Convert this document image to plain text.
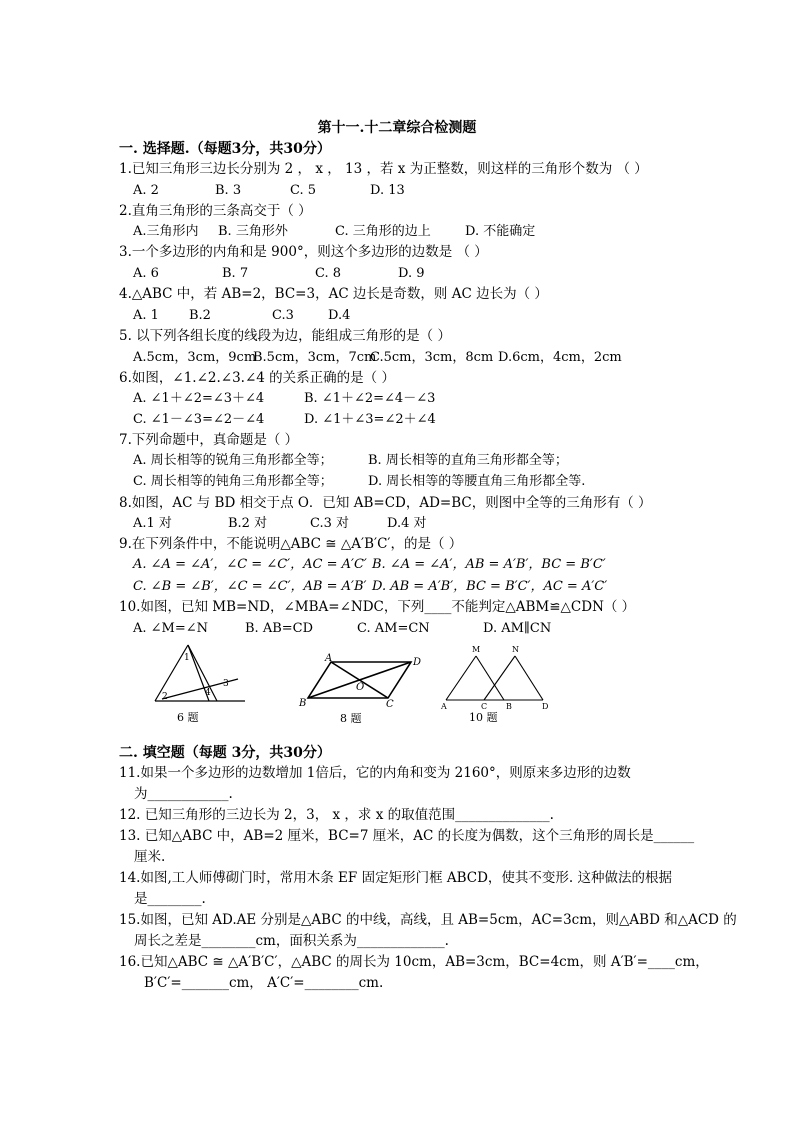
第十一.十二章综合检测题
一. 选择题.（每题3分，共30分）
1.已知三角形三边长分别为 2 ， x ， 13 ，若 x 为正整数，则这样的三角形个数为 （ ）
A. 2	B. 3	C. 5	D. 13
2.直角三角形的三条高交于（ ）
A.三角形内 B. 三角形外	C. 三角形的边上	D. 不能确定
3.一个多边形的内角和是 900°，则这个多边形的边数是 （ ）
A. 6	B. 7	C. 8	D. 9
4.△ABC 中，若 AB=2，BC=3，AC 边长是奇数，则 AC 边长为（ ）
A. 1 B.2	C.3	D.4
5. 以下列各组长度的线段为边，能组成三角形的是（ ）
A.5cm，3cm，9cm
B.5cm，3cm，7cm
C.5cm，3cm，8cm D.6cm，4cm，2cm
6.如图，∠1.∠2.∠3.∠4 的关系正确的是（ ）
A. ∠1＋∠2=∠3＋∠4	B. ∠1＋∠2=∠4－∠3
C. ∠1－∠3=∠2－∠4	D. ∠1＋∠3=∠2＋∠4
7.下列命题中，真命题是（ ）
A. 周长相等的锐角三角形都全等；	B. 周长相等的直角三角形都全等；
C. 周长相等的钝角三角形都全等；	D. 周长相等的等腰直角三角形都全等.
8.如图，AC 与 BD 相交于点 O．已知 AB=CD，AD=BC，则图中全等的三角形有（ ）
A.1 对	B.2 对	C.3 对	D.4 对
9.在下列条件中，不能说明△ABC ≅ △A′B′C′，的是（ ）
A. ∠A = ∠A′，∠C = ∠C′，AC = A′C′ B. ∠A = ∠A′，AB = A′B′，BC = B′C′
C. ∠B = ∠B′，∠C = ∠C′，AB = A′B′ D. AB = A′B′，BC = B′C′，AC = A′C′
10.如图，已知 MB=ND，∠MBA=∠NDC，下列____不能判定△ABM≌△CDN（ ）
A. ∠M=∠N	B. AB=CD	C. AM=CN	D. AM∥CN
1
2
3
4
6 题
A	D
B	C
O
8 题
M	N
A	C B	D
10 题
二. 填空题（每题 3分，共30分）
11.如果一个多边形的边数增加 1倍后，它的内角和变为 2160°，则原来多边形的边数
为____________.
12. 已知三角形的三边长为 2，3， x ，求 x 的取值范围______________.
13. 已知△ABC 中，AB=2 厘米，BC=7 厘米，AC 的长度为偶数，这个三角形的周长是______
厘米.
14.如图,工人师傅砌门时，常用木条 EF 固定矩形门框 ABCD，使其不变形. 这种做法的根据
是________.
15.如图，已知 AD.AE 分别是△ABC 的中线，高线，且 AB=5cm，AC=3cm，则△ABD 和△ACD 的
周长之差是________cm，面积关系为_____________.
16.已知△ABC ≅ △A′B′C′，△ABC 的周长为 10cm，AB=3cm，BC=4cm，则 A′B′=____cm，
B′C′=_______cm， A′C′=________cm.
